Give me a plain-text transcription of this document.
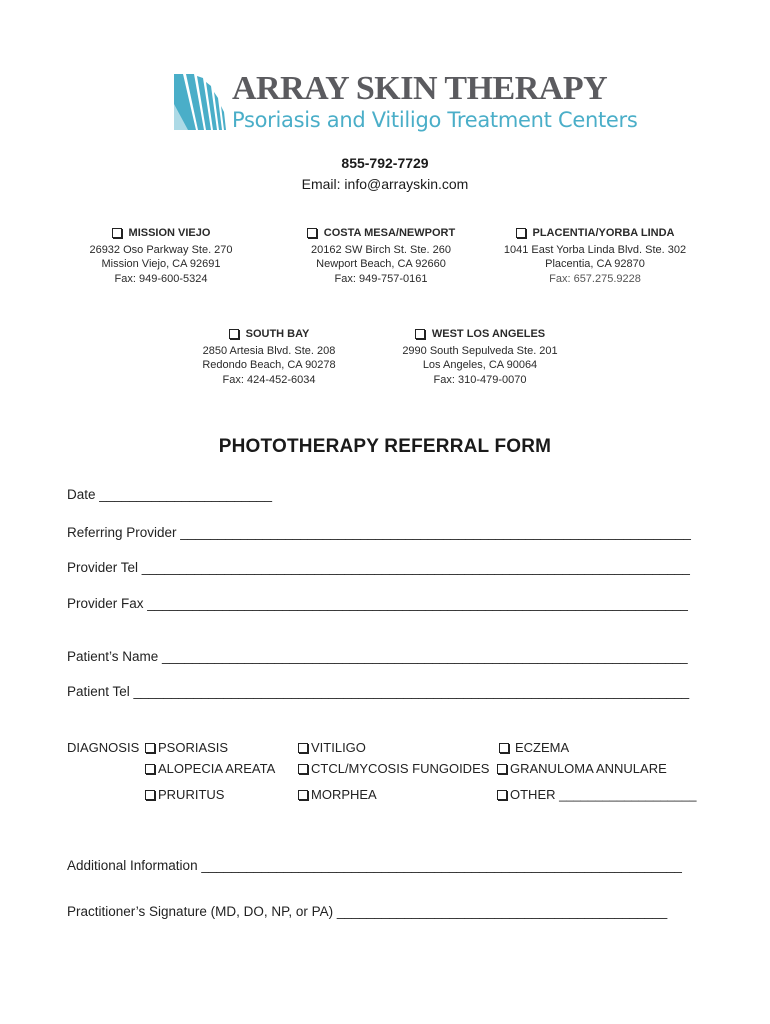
ARRAY SKIN THERAPY
Psoriasis and Vitiligo Treatment Centers
855-792-7729
Email: info@arrayskin.com
MISSION VIEJO
26932 Oso Parkway Ste. 270
Mission Viejo, CA 92691
Fax: 949-600-5324
COSTA MESA/NEWPORT
20162 SW Birch St. Ste. 260
Newport Beach, CA 92660
Fax: 949-757-0161
PLACENTIA/YORBA LINDA
1041 East Yorba Linda Blvd. Ste. 302
Placentia, CA 92870
Fax: 657.275.9228
SOUTH BAY
2850 Artesia Blvd. Ste. 208
Redondo Beach, CA 90278
Fax: 424-452-6034
WEST LOS ANGELES
2990 South Sepulveda Ste. 201
Los Angeles, CA 90064
Fax: 310-479-0070
PHOTOTHERAPY REFERRAL FORM
Date _______________________
Referring Provider ____________________________________________________________________
Provider Tel _________________________________________________________________________
Provider Fax ________________________________________________________________________
Patient’s Name ______________________________________________________________________
Patient Tel __________________________________________________________________________
DIAGNOSIS	PSORIASIS	VITILIGO	ECZEMA
ALOPECIA AREATA	CTCL/MYCOSIS FUNGOIDES	GRANULOMA ANNULARE
PRURITUS	MORPHEA	OTHER ___________________
Additional Information ________________________________________________________________
Practitioner’s Signature (MD, DO, NP, or PA) ____________________________________________
